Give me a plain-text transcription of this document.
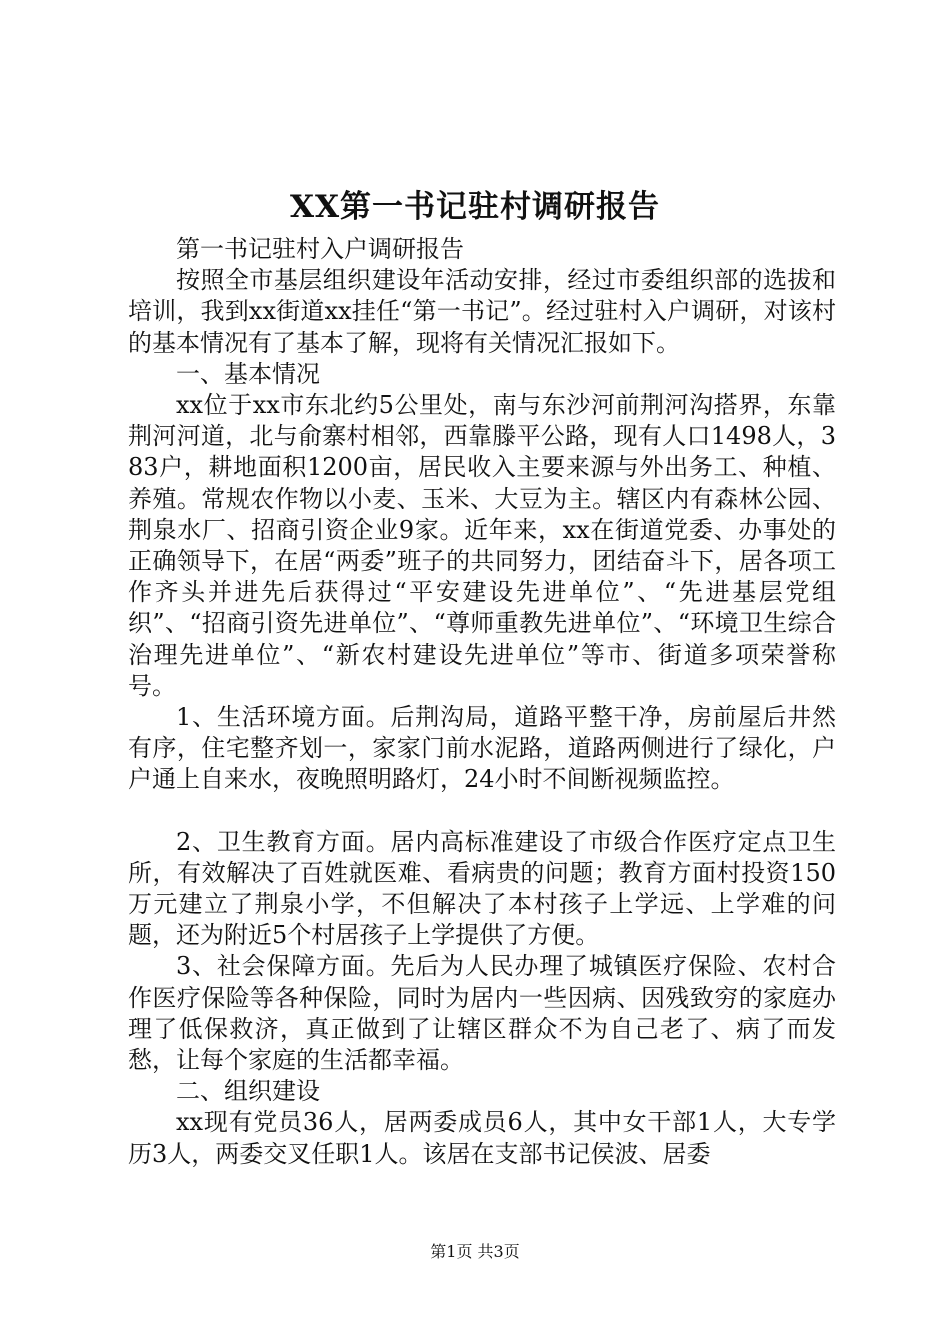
XX第一书记驻村调研报告

第一书记驻村入户调研报告

按照全市基层组织建设年活动安排，经过市委组织部的选拔和培训，我到xx街道xx挂任“第一书记”。经过驻村入户调研，对该村的基本情况有了基本了解，现将有关情况汇报如下。

一、基本情况

xx位于xx市东北约5公里处，南与东沙河前荆河沟搭界，东靠荆河河道，北与俞寨村相邻，西靠滕平公路，现有人口1498人，383户，耕地面积1200亩，居民收入主要来源与外出务工、种植、养殖。常规农作物以小麦、玉米、大豆为主。辖区内有森林公园、荆泉水厂、招商引资企业9家。近年来，xx在街道党委、办事处的正确领导下，在居“两委”班子的共同努力，团结奋斗下，居各项工作齐头并进先后获得过“平安建设先进单位”、“先进基层党组织”、“招商引资先进单位”、“尊师重教先进单位”、“环境卫生综合治理先进单位”、“新农村建设先进单位”等市、街道多项荣誉称号。

1、生活环境方面。后荆沟局，道路平整干净，房前屋后井然有序，住宅整齐划一，家家门前水泥路，道路两侧进行了绿化，户户通上自来水，夜晚照明路灯，24小时不间断视频监控。

2、卫生教育方面。居内高标准建设了市级合作医疗定点卫生所，有效解决了百姓就医难、看病贵的问题；教育方面村投资150万元建立了荆泉小学，不但解决了本村孩子上学远、上学难的问题，还为附近5个村居孩子上学提供了方便。

3、社会保障方面。先后为人民办理了城镇医疗保险、农村合作医疗保险等各种保险，同时为居内一些因病、因残致穷的家庭办理了低保救济，真正做到了让辖区群众不为自己老了、病了而发愁，让每个家庭的生活都幸福。

二、组织建设

xx现有党员36人，居两委成员6人，其中女干部1人，大专学历3人，两委交叉任职1人。该居在支部书记侯波、居委

第1页 共3页
